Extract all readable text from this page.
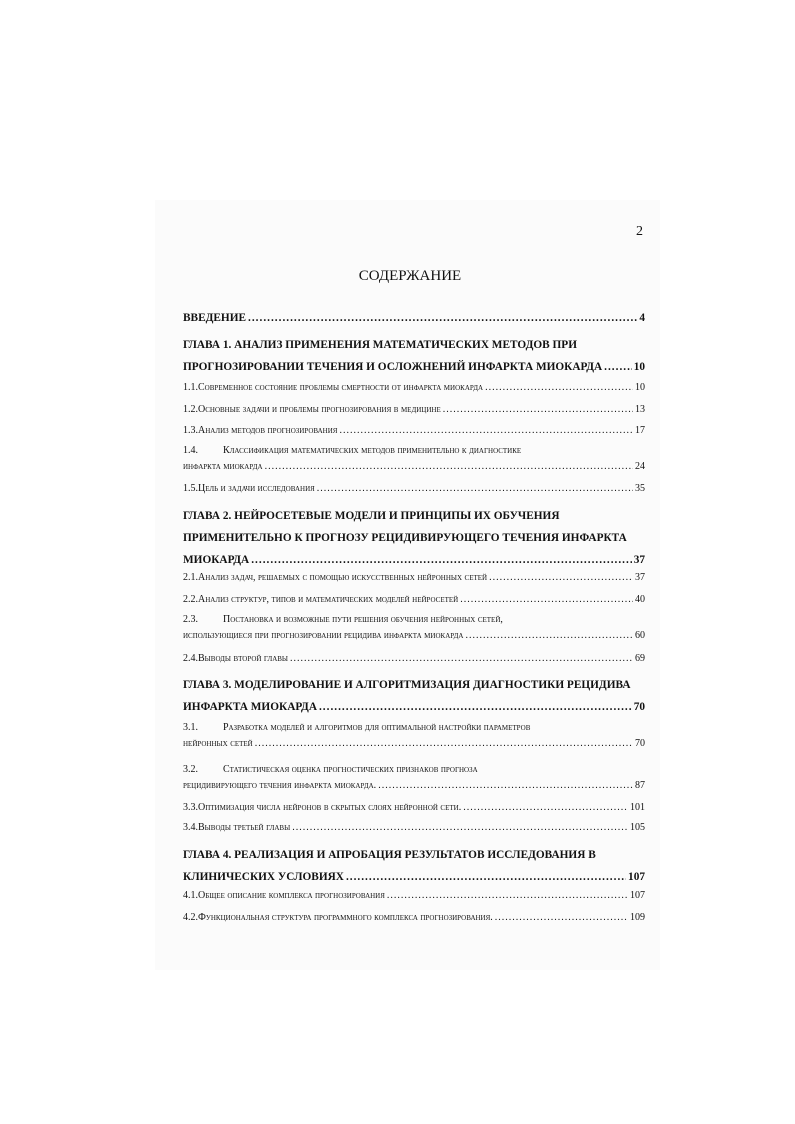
2
СОДЕРЖАНИЕ
ВВЕДЕНИЕ .....	4
ГЛАВА 1. АНАЛИЗ ПРИМЕНЕНИЯ МАТЕМАТИЧЕСКИХ МЕТОДОВ ПРИ
ПРОГНОЗИРОВАНИИ ТЕЧЕНИЯ И ОСЛОЖНЕНИЙ ИНФАРКТА МИОКАРДА .....	10
1.1. Современное состояние проблемы смертности от инфаркта миокарда .....	10
1.2. Основные задачи и проблемы прогнозирования в медицине .....	13
1.3. Анализ методов прогнозирования .....	17
1.4.	Классификация математических методов применительно к диагностике
инфаркта миокарда .....	24
1.5. Цель и задачи исследования .....	35
ГЛАВА 2. НЕЙРОСЕТЕВЫЕ МОДЕЛИ И ПРИНЦИПЫ ИХ ОБУЧЕНИЯ
ПРИМЕНИТЕЛЬНО К ПРОГНОЗУ РЕЦИДИВИРУЮЩЕГО ТЕЧЕНИЯ ИНФАРКТА
МИОКАРДА .....	37
2.1. Анализ задач, решаемых с помощью искусственных нейронных сетей .....	37
2.2. Анализ структур, типов и математических моделей нейросетей .....	40
2.3.	Постановка и возможные пути решения обучения нейронных сетей,
использующиеся при прогнозировании рецидива инфаркта миокарда .....	60
2.4. Выводы второй главы .....	69
ГЛАВА 3. МОДЕЛИРОВАНИЕ И АЛГОРИТМИЗАЦИЯ ДИАГНОСТИКИ РЕЦИДИВА
ИНФАРКТА МИОКАРДА .....	70
3.1.	Разработка моделей и алгоритмов для оптимальной настройки параметров
нейронных сетей .....	70
3.2.	Статистическая оценка прогностических признаков прогноза
рецидивирующего течения инфаркта миокарда. .....	87
3.3. Оптимизация числа нейронов в скрытых слоях нейронной сети. .....	101
3.4. Выводы третьей главы .....	105
ГЛАВА 4. РЕАЛИЗАЦИЯ И АПРОБАЦИЯ РЕЗУЛЬТАТОВ ИССЛЕДОВАНИЯ В
КЛИНИЧЕСКИХ УСЛОВИЯХ .....	107
4.1. Общее описание комплекса прогнозирования .....	107
4.2. Функциональная структура программного комплекса прогнозирования. .....	109
